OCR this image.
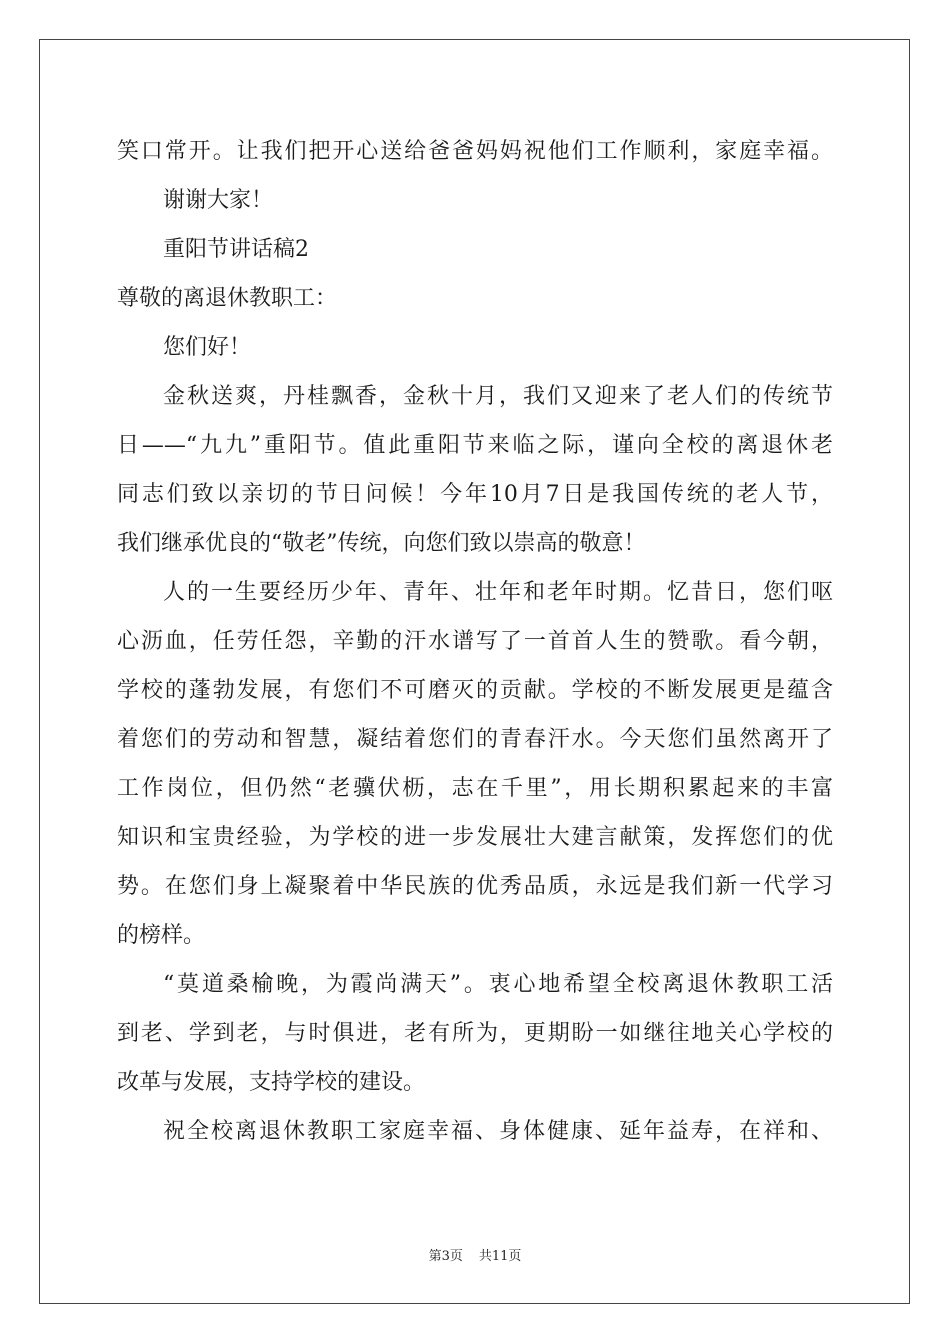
笑口常开。让我们把开心送给爸爸妈妈祝他们工作顺利，家庭幸福。
谢谢大家！
重阳节讲话稿2
尊敬的离退休教职工：
您们好！
金秋送爽，丹桂飘香，金秋十月，我们又迎来了老人们的传统节
日——“九九”重阳节。值此重阳节来临之际，谨向全校的离退休老
同志们致以亲切的节日问候！今年10月7日是我国传统的老人节，
我们继承优良的“敬老”传统，向您们致以崇高的敬意！
人的一生要经历少年、青年、壮年和老年时期。忆昔日，您们呕
心沥血，任劳任怨，辛勤的汗水谱写了一首首人生的赞歌。看今朝，
学校的蓬勃发展，有您们不可磨灭的贡献。学校的不断发展更是蕴含
着您们的劳动和智慧，凝结着您们的青春汗水。今天您们虽然离开了
工作岗位，但仍然“老骥伏枥，志在千里”，用长期积累起来的丰富
知识和宝贵经验，为学校的进一步发展壮大建言献策，发挥您们的优
势。在您们身上凝聚着中华民族的优秀品质，永远是我们新一代学习
的榜样。
“莫道桑榆晚，为霞尚满天”。衷心地希望全校离退休教职工活
到老、学到老，与时俱进，老有所为，更期盼一如继往地关心学校的
改革与发展，支持学校的建设。
祝全校离退休教职工家庭幸福、身体健康、延年益寿，在祥和、
第3页 共11页
